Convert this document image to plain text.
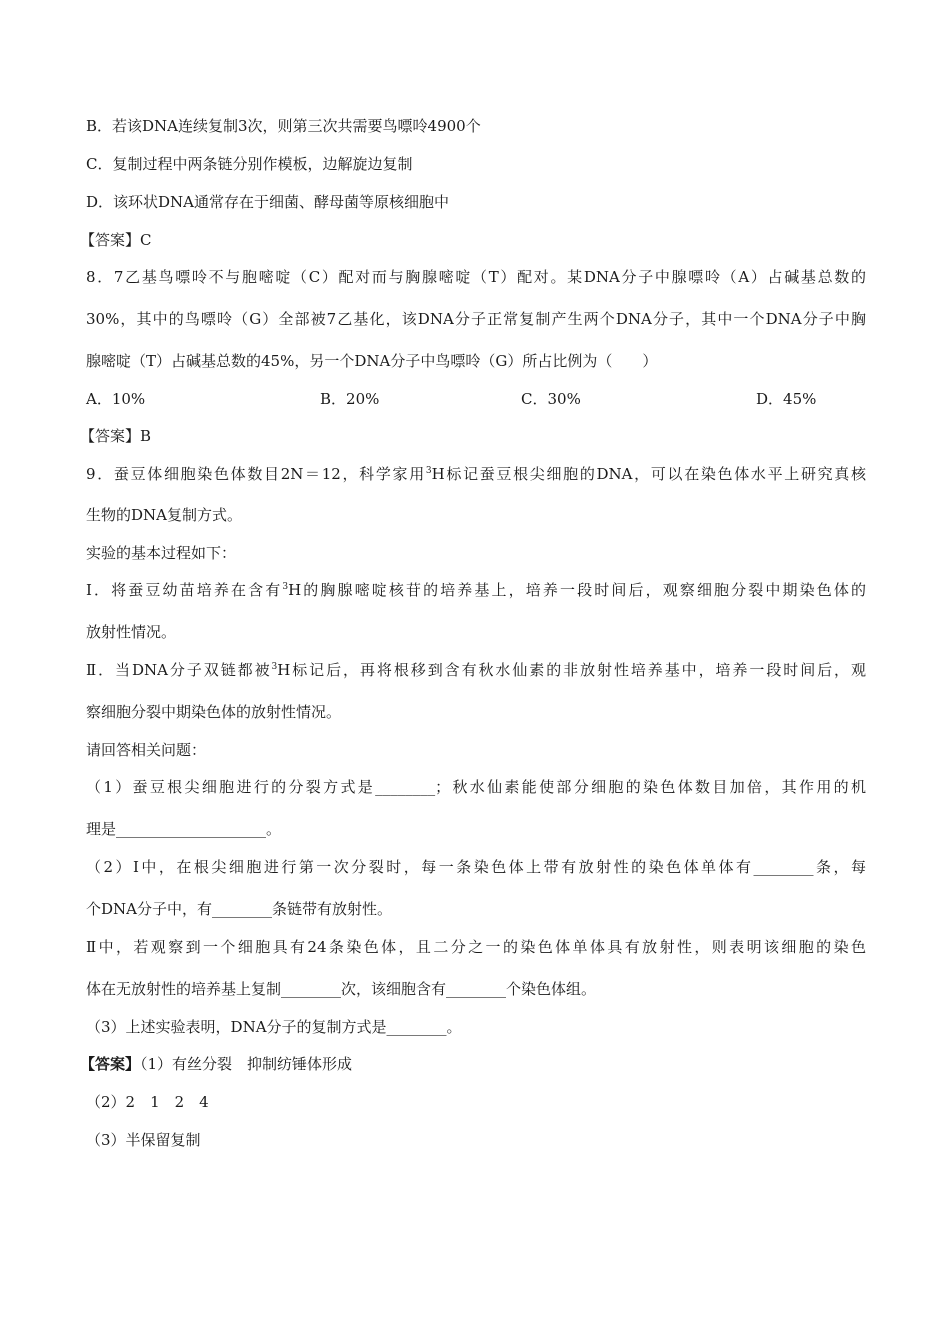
B．若该DNA连续复制3次，则第三次共需要鸟嘌呤4900个
C．复制过程中两条链分别作模板，边解旋边复制
D．该环状DNA通常存在于细菌、酵母菌等原核细胞中
【答案】C
8．7乙基鸟嘌呤不与胞嘧啶（C）配对而与胸腺嘧啶（T）配对。某DNA分子中腺嘌呤（A）占碱基总数的
30%，其中的鸟嘌呤（G）全部被7乙基化，该DNA分子正常复制产生两个DNA分子，其中一个DNA分子中胸
腺嘧啶（T）占碱基总数的45%，另一个DNA分子中鸟嘌呤（G）所占比例为（　　）
A．10%	B．20%	C．30%	D．45%
【答案】B
9．蚕豆体细胞染色体数目2N＝12，科学家用$^3$H标记蚕豆根尖细胞的DNA，可以在染色体水平上研究真核
生物的DNA复制方式。
实验的基本过程如下：
Ⅰ．将蚕豆幼苗培养在含有$^3$H的胸腺嘧啶核苷的培养基上，培养一段时间后，观察细胞分裂中期染色体的
放射性情况。
Ⅱ．当DNA分子双链都被$^3$H标记后，再将根移到含有秋水仙素的非放射性培养基中，培养一段时间后，观
察细胞分裂中期染色体的放射性情况。
请回答相关问题：
（1）蚕豆根尖细胞进行的分裂方式是________；秋水仙素能使部分细胞的染色体数目加倍，其作用的机
理是____________________。
（2）Ⅰ中，在根尖细胞进行第一次分裂时，每一条染色体上带有放射性的染色体单体有________条，每
个DNA分子中，有________条链带有放射性。
Ⅱ中，若观察到一个细胞具有24条染色体，且二分之一的染色体单体具有放射性，则表明该细胞的染色
体在无放射性的培养基上复制________次，该细胞含有________个染色体组。
（3）上述实验表明，DNA分子的复制方式是________。
【答案】（1）有丝分裂　抑制纺锤体形成
（2）2　1　2　4
（3）半保留复制
